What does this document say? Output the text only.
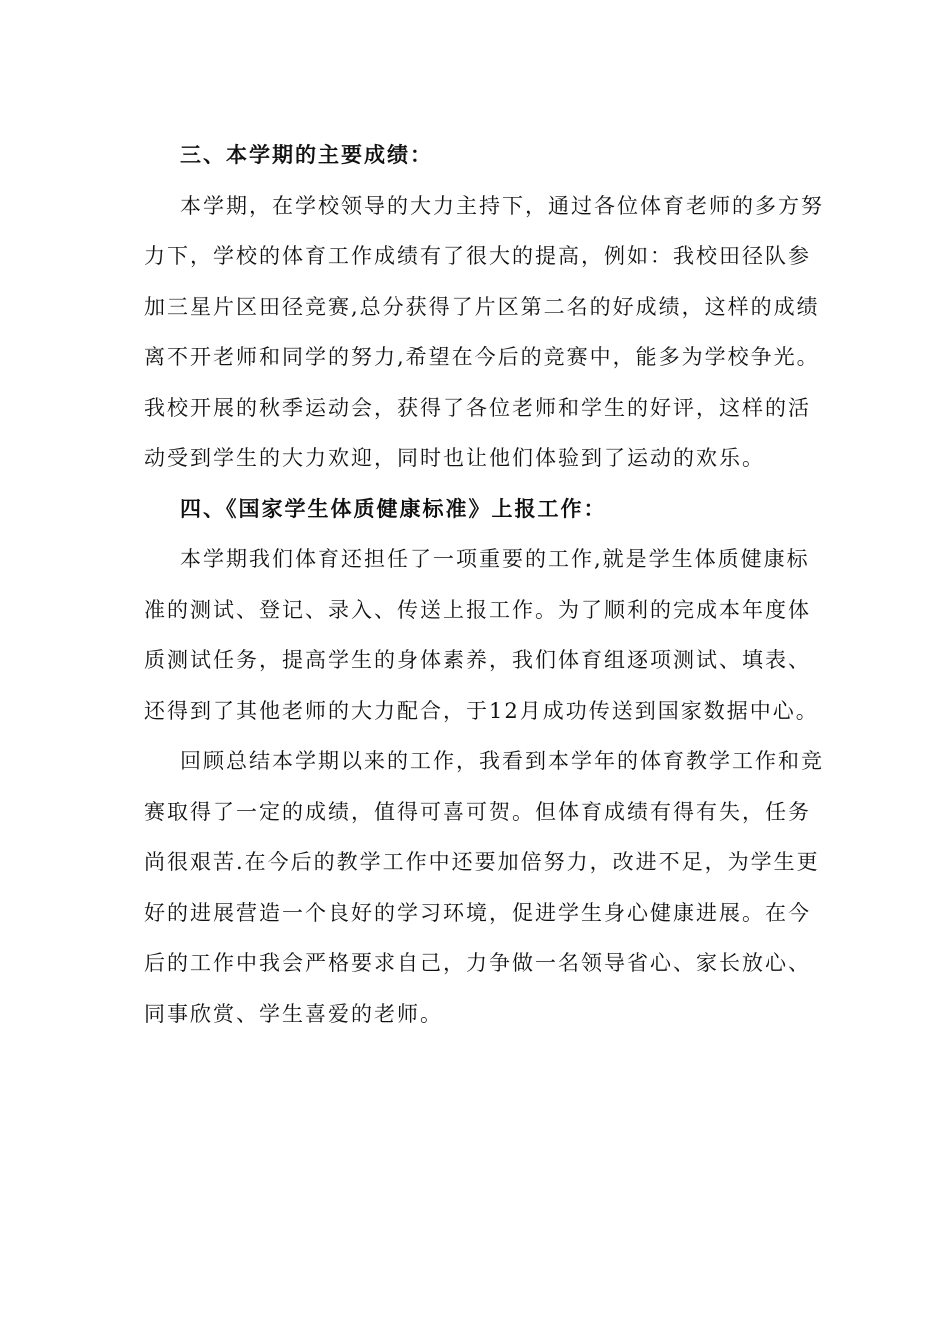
三、本学期的主要成绩：
本学期，在学校领导的大力主持下，通过各位体育老师的多方努
力下，学校的体育工作成绩有了很大的提高，例如：我校田径队参
加三星片区田径竞赛,总分获得了片区第二名的好成绩，这样的成绩
离不开老师和同学的努力,希望在今后的竞赛中，能多为学校争光。
我校开展的秋季运动会，获得了各位老师和学生的好评，这样的活
动受到学生的大力欢迎，同时也让他们体验到了运动的欢乐。
四、《国家学生体质健康标准》上报工作：
本学期我们体育还担任了一项重要的工作,就是学生体质健康标
准的测试、登记、录入、传送上报工作。为了顺利的完成本年度体
质测试任务，提高学生的身体素养，我们体育组逐项测试、填表、
还得到了其他老师的大力配合，于12月成功传送到国家数据中心。
回顾总结本学期以来的工作，我看到本学年的体育教学工作和竞
赛取得了一定的成绩，值得可喜可贺。但体育成绩有得有失，任务
尚很艰苦.在今后的教学工作中还要加倍努力，改进不足，为学生更
好的进展营造一个良好的学习环境，促进学生身心健康进展。在今
后的工作中我会严格要求自己，力争做一名领导省心、家长放心、
同事欣赏、学生喜爱的老师。
